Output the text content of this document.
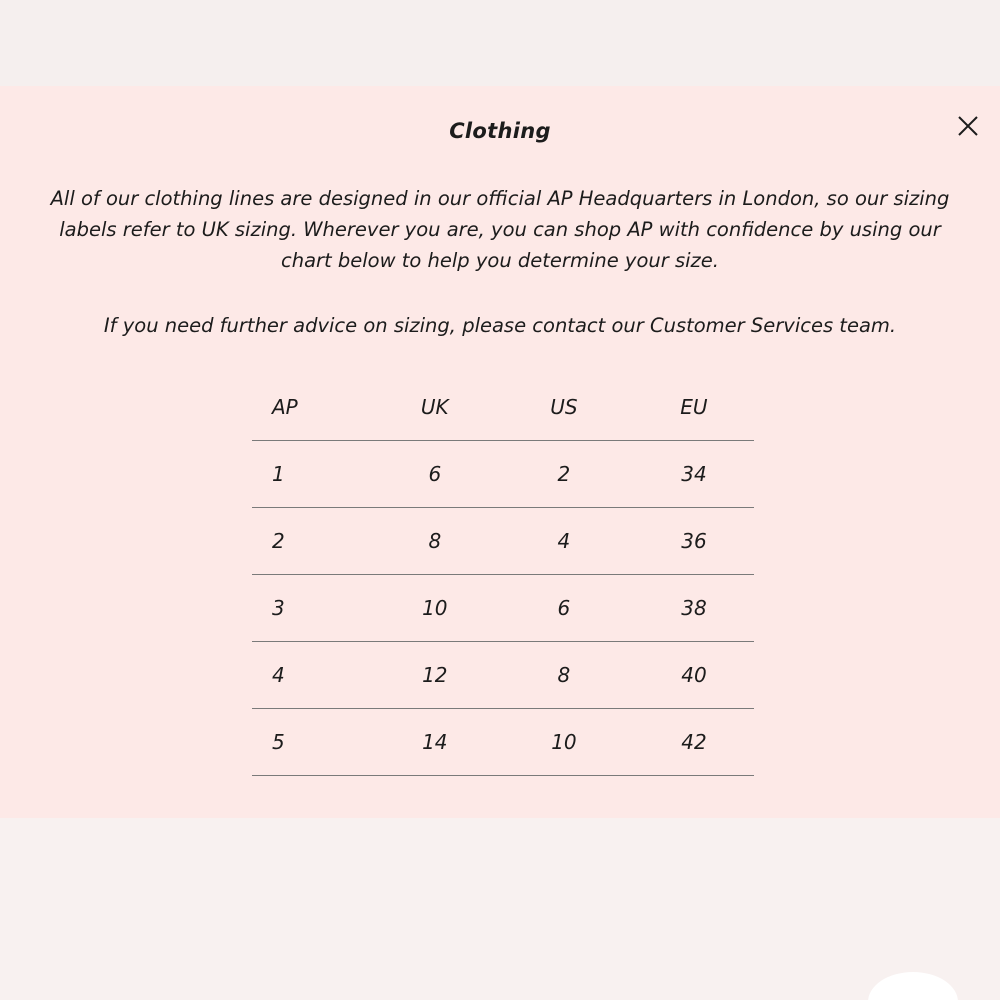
Clothing

All of our clothing lines are designed in our official AP Headquarters in London, so our sizing labels refer to UK sizing. Wherever you are, you can shop AP with confidence by using our chart below to help you determine your size.

If you need further advice on sizing, please contact our Customer Services team.

AP	UK	US	EU
1	6	2	34
2	8	4	36
3	10	6	38
4	12	8	40
5	14	10	42
